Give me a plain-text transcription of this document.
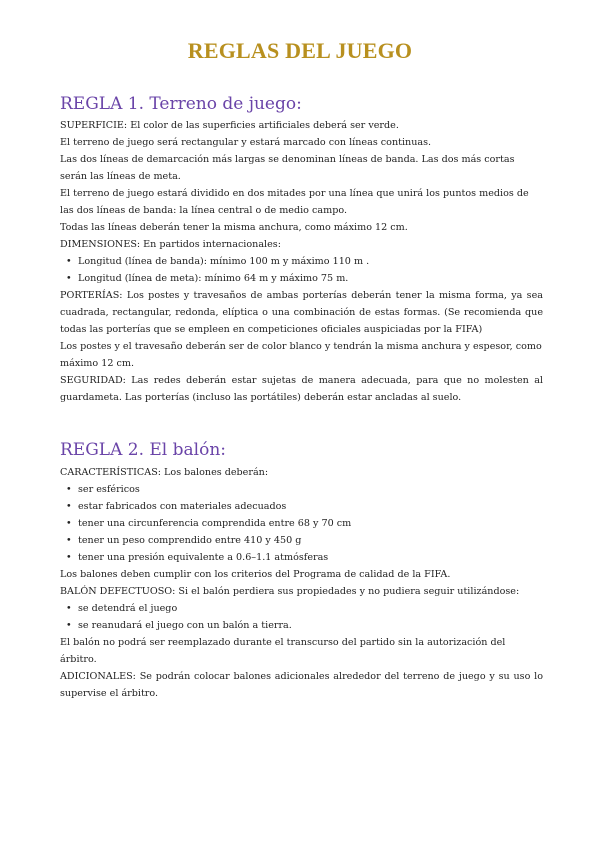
REGLAS DEL JUEGO
REGLA 1. Terreno de juego:

SUPERFICIE: El color de las superficies artificiales deberá ser verde.

El terreno de juego será rectangular y estará marcado con líneas continuas.

Las dos líneas de demarcación más largas se denominan líneas de banda. Las dos más cortas serán las líneas de meta.

El terreno de juego estará dividido en dos mitades por una línea que unirá los puntos medios de las dos líneas de banda: la línea central o de medio campo.

Todas las líneas deberán tener la misma anchura, como máximo 12 cm.

DIMENSIONES: En partidos internacionales:

• Longitud (línea de banda): mínimo 100 m y máximo 110 m .

• Longitud (línea de meta): mínimo 64 m y máximo 75 m.

PORTERÍAS: Los postes y travesaños de ambas porterías deberán tener la misma forma, ya sea cuadrada, rectangular, redonda, elíptica o una combinación de estas formas. (Se recomienda que todas las porterías que se empleen en competiciones oficiales auspiciadas por la FIFA)

Los postes y el travesaño deberán ser de color blanco y tendrán la misma anchura y espesor, como máximo 12 cm.

SEGURIDAD: Las redes deberán estar sujetas de manera adecuada, para que no molesten al guardameta. Las porterías (incluso las portátiles) deberán estar ancladas al suelo.

REGLA 2. El balón:

CARACTERÍSTICAS: Los balones deberán:

• ser esféricos

• estar fabricados con materiales adecuados

• tener una circunferencia comprendida entre 68 y 70 cm

• tener un peso comprendido entre 410 y 450 g

• tener una presión equivalente a 0.6–1.1 atmósferas

Los balones deben cumplir con los criterios del Programa de calidad de la FIFA.

BALÓN DEFECTUOSO: Si el balón perdiera sus propiedades y no pudiera seguir utilizándose:

• se detendrá el juego

• se reanudará el juego con un balón a tierra.

El balón no podrá ser reemplazado durante el transcurso del partido sin la autorización del árbitro.

ADICIONALES: Se podrán colocar balones adicionales alrededor del terreno de juego y su uso lo supervise el árbitro.
